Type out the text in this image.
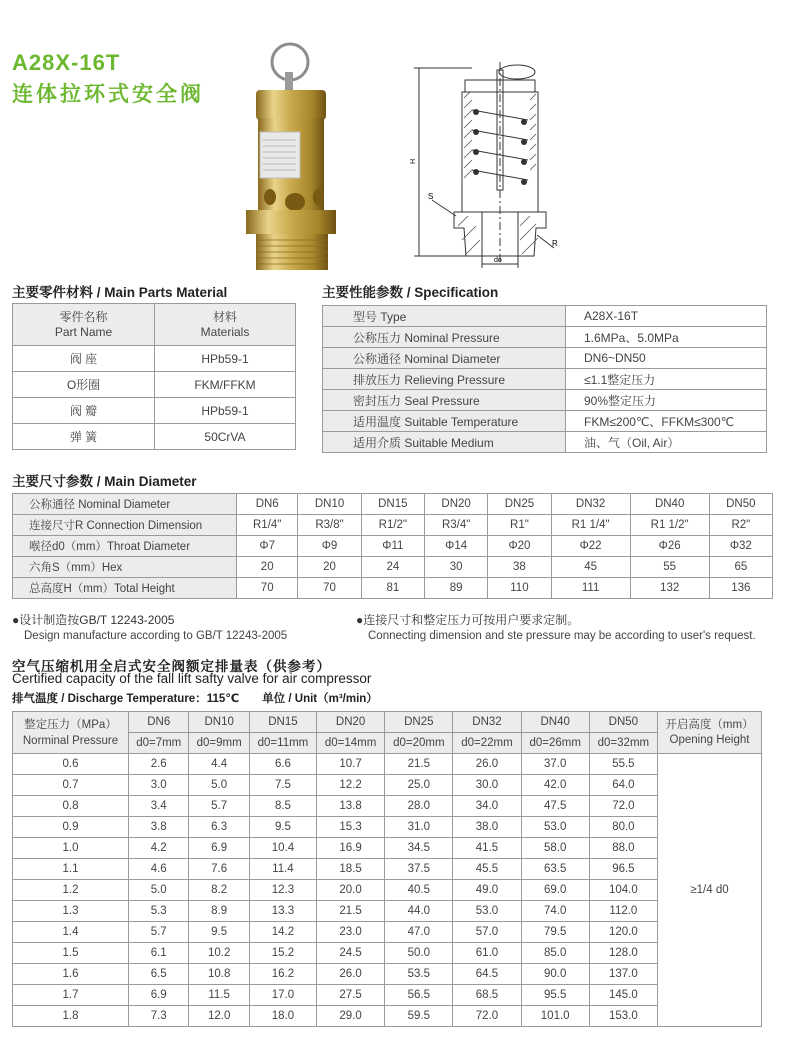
A28X-16T
连体拉环式安全阀
H
S
R
do
主要零件材料 / Main Parts Material
零件名称
Part Name	材料
Materials
阀 座	HPb59-1
O形圈	FKM/FFKM
阀 瓣	HPb59-1
弹 簧	50CrVA
主要性能参数 / Specification
型号 Type	A28X-16T
公称压力 Nominal Pressure	1.6MPa、5.0MPa
公称通径 Nominal Diameter	DN6~DN50
排放压力 Relieving Pressure	≤1.1整定压力
密封压力 Seal Pressure	90%整定压力
适用温度 Suitable Temperature	FKM≤200℃、FFKM≤300℃
适用介质 Suitable Medium	油、气（Oil, Air）
主要尺寸参数 / Main Diameter
公称通径 Nominal Diameter	DN6	DN10	DN15	DN20	DN25	DN32	DN40	DN50
连接尺寸R Connection Dimension	R1/4"	R3/8"	R1/2"	R3/4"	R1"	R1 1/4"	R1 1/2"	R2"
喉径d0（mm）Throat Diameter	Φ7	Φ9	Φ11	Φ14	Φ20	Φ22	Φ26	Φ32
六角S（mm）Hex	20	20	24	30	38	45	55	65
总高度H（mm）Total Height	70	70	81	89	110	111	132	136
●设计制造按GB/T 12243-2005
Design manufacture according to GB/T 12243-2005
●连接尺寸和整定压力可按用户要求定制。
Connecting dimension and ste pressure may be according to user's request.
空气压缩机用全启式安全阀额定排量表（供参考）
Certified capacity of the fall lift safty valve for air compressor
排气温度 / Discharge Temperature：115℃　　单位 / Unit（m³/min）
整定压力（MPa）
Norminal Pressure	DN6	DN10	DN15	DN20	DN25	DN32	DN40	DN50	开启高度（mm）
Opening Height
	d0=7mm	d0=9mm	d0=11mm	d0=14mm	d0=20mm	d0=22mm	d0=26mm	d0=32mm	
0.6	2.6	4.4	6.6	10.7	21.5	26.0	37.0	55.5	≥1/4 d0
0.7	3.0	5.0	7.5	12.2	25.0	30.0	42.0	64.0	
0.8	3.4	5.7	8.5	13.8	28.0	34.0	47.5	72.0	
0.9	3.8	6.3	9.5	15.3	31.0	38.0	53.0	80.0	
1.0	4.2	6.9	10.4	16.9	34.5	41.5	58.0	88.0	
1.1	4.6	7.6	11.4	18.5	37.5	45.5	63.5	96.5	
1.2	5.0	8.2	12.3	20.0	40.5	49.0	69.0	104.0	
1.3	5.3	8.9	13.3	21.5	44.0	53.0	74.0	112.0	
1.4	5.7	9.5	14.2	23.0	47.0	57.0	79.5	120.0	
1.5	6.1	10.2	15.2	24.5	50.0	61.0	85.0	128.0	
1.6	6.5	10.8	16.2	26.0	53.5	64.5	90.0	137.0	
1.7	6.9	11.5	17.0	27.5	56.5	68.5	95.5	145.0	
1.8	7.3	12.0	18.0	29.0	59.5	72.0	101.0	153.0	
